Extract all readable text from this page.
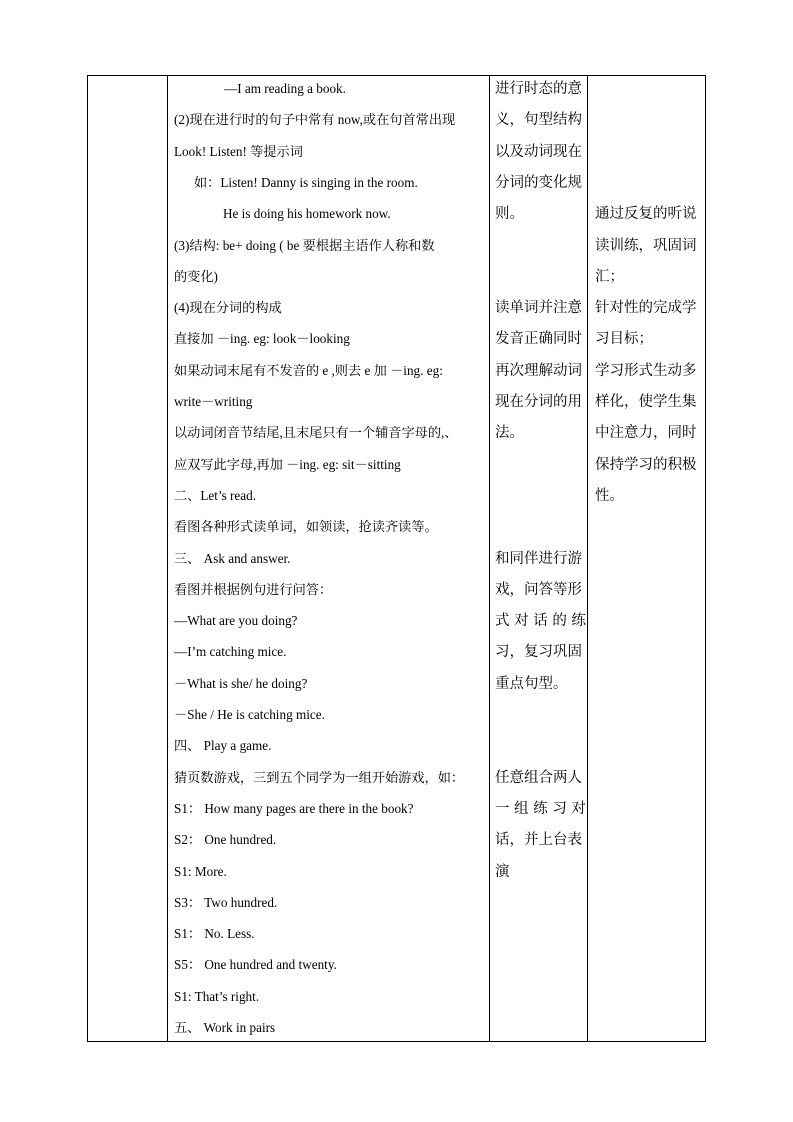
—I am reading a book.
(2)现在进行时的句子中常有 now,或在句首常出现
Look! Listen! 等提示词
如：Listen! Danny is singing in the room.
He is doing his homework now.
(3)结构: be+ doing ( be 要根据主语作人称和数
的变化)
(4)现在分词的构成
直接加 －ing. eg: look－looking
如果动词末尾有不发音的 e ,则去 e 加 －ing. eg:
write－writing
以动词闭音节结尾,且末尾只有一个辅音字母的,、
应双写此字母,再加 －ing. eg: sit－sitting
二、Let’s read.
看图各种形式读单词，如领读，抢读齐读等。
三、 Ask and answer.
看图并根据例句进行问答：
—What are you doing?
—I’m catching mice.
－What is she/ he doing?
－She / He is catching mice.
四、 Play a game.
猜页数游戏，三到五个同学为一组开始游戏，如：
S1： How many pages are there in the book?
S2： One hundred.
S1: More.
S3： Two hundred.
S1： No. Less.
S5： One hundred and twenty.
S1: That’s right.
五、 Work in pairs
进行时态的意
义，句型结构
以及动词现在
分词的变化规
则。
读单词并注意
发音正确同时
再次理解动词
现在分词的用
法。
和同伴进行游
戏，问答等形
式 对 话 的 练
习，复习巩固
重点句型。
任意组合两人
一 组 练 习 对
话，并上台表
演
通过反复的听说
读训练，巩固词
汇；
针对性的完成学
习目标；
学习形式生动多
样化，使学生集
中注意力，同时
保持学习的积极
性。
